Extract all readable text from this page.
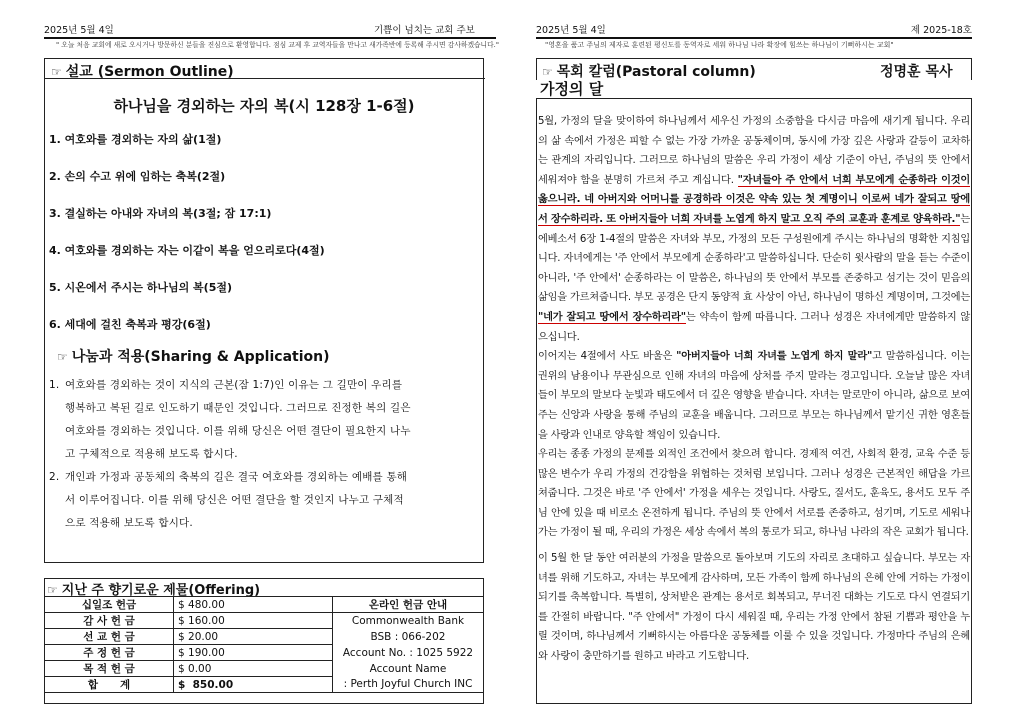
2025년 5월 4일	기쁨이 넘치는 교회 주보
" 오늘 처음 교회에 새로 오시거나 방문하신 분들을 진심으로 환영합니다. 점심 교제 후 교역자들을 만나고 새가족반에 등록해 주시면 감사하겠습니다."
2025년 5월 4일	제 2025-18호
"영혼을 품고 주님의 제자로 훈련된 평신도를 동역자로 세워 하나님 나라 확장에 힘쓰는 하나님이 기뻐하시는 교회"
☞ 설교 (Sermon Outline)
하나님을 경외하는 자의 복(시 128장 1-6절)
1. 여호와를 경외하는 자의 삶(1절)
2. 손의 수고 위에 임하는 축복(2절)
3. 결실하는 아내와 자녀의 복(3절; 잠 17:1)
4. 여호와를 경외하는 자는 이같이 복을 얻으리로다(4절)
5. 시온에서 주시는 하나님의 복(5절)
6. 세대에 걸친 축복과 평강(6절)
☞ 나눔과 적용(Sharing & Application)
1. 여호와를 경외하는 것이 지식의 근본(잠 1:7)인 이유는 그 길만이 우리를
행복하고 복된 길로 인도하기 때문인 것입니다. 그러므로 진정한 복의 길은
여호와를 경외하는 것입니다. 이를 위해 당신은 어떤 결단이 필요한지 나누
고 구체적으로 적용해 보도록 합시다.
2. 개인과 가정과 공동체의 축복의 길은 결국 여호와를 경외하는 예배를 통해
서 이루어집니다. 이를 위해 당신은 어떤 결단을 할 것인지 나누고 구체적
으로 적용해 보도록 합시다.
☞ 지난 주 향기로운 제물(Offering)
십일조 헌금	$ 480.00	온라인 헌금 안내
감 사 헌 금	$ 160.00	Commonwealth Bank
선 교 헌 금	$ 20.00	BSB : 066-202
주 정 헌 금	$ 190.00	Account No. : 1025 5922
목 적 헌 금	$ 0.00	Account Name
합      계	$  850.00	: Perth Joyful Church INC
☞ 목회 칼럼(Pastoral column)	정명훈 목사
가정의 달

5월, 가정의 달을 맞이하여 하나님께서 세우신 가정의 소중함을 다시금 마음에 새기게 됩니다. 우리의 삶 속에서 가정은 피할 수 없는 가장 가까운 공동체이며, 동시에 가장 깊은 사랑과 갈등이 교차하는 관계의 자리입니다. 그러므로 하나님의 말씀은 우리 가정이 세상 기준이 아닌, 주님의 뜻 안에서 세워져야 함을 분명히 가르쳐 주고 계십니다. "자녀들아 주 안에서 너희 부모에게 순종하라 이것이 옳으니라. 네 아버지와 어머니를 공경하라 이것은 약속 있는 첫 계명이니 이로써 네가 잘되고 땅에서 장수하리라. 또 아버지들아 너희 자녀를 노엽게 하지 말고 오직 주의 교훈과 훈계로 양육하라."는 에베소서 6장 1-4절의 말씀은 자녀와 부모, 가정의 모든 구성원에게 주시는 하나님의 명확한 지침입니다. 자녀에게는 '주 안에서 부모에게 순종하라'고 말씀하십니다. 단순히 윗사람의 말을 듣는 수준이 아니라, '주 안에서' 순종하라는 이 말씀은, 하나님의 뜻 안에서 부모를 존중하고 섬기는 것이 믿음의 삶임을 가르쳐줍니다. 부모 공경은 단지 동양적 효 사상이 아닌, 하나님이 명하신 계명이며, 그것에는 "네가 잘되고 땅에서 장수하리라"는 약속이 함께 따릅니다. 그러나 성경은 자녀에게만 말씀하지 않으십니다.

이어지는 4절에서 사도 바울은 "아버지들아 너희 자녀를 노엽게 하지 말라"고 말씀하십니다. 이는 권위의 남용이나 무관심으로 인해 자녀의 마음에 상처를 주지 말라는 경고입니다. 오늘날 많은 자녀들이 부모의 말보다 눈빛과 태도에서 더 깊은 영향을 받습니다. 자녀는 말로만이 아니라, 삶으로 보여주는 신앙과 사랑을 통해 주님의 교훈을 배웁니다. 그러므로 부모는 하나님께서 맡기신 귀한 영혼들을 사랑과 인내로 양육할 책임이 있습니다.

우리는 종종 가정의 문제를 외적인 조건에서 찾으려 합니다. 경제적 여건, 사회적 환경, 교육 수준 등 많은 변수가 우리 가정의 건강함을 위협하는 것처럼 보입니다. 그러나 성경은 근본적인 해답을 가르쳐줍니다. 그것은 바로 '주 안에서' 가정을 세우는 것입니다. 사랑도, 질서도, 훈육도, 용서도 모두 주님 안에 있을 때 비로소 온전하게 됩니다. 주님의 뜻 안에서 서로를 존중하고, 섬기며, 기도로 세워나가는 가정이 될 때, 우리의 가정은 세상 속에서 복의 통로가 되고, 하나님 나라의 작은 교회가 됩니다.

이 5월 한 달 동안 여러분의 가정을 말씀으로 돌아보며 기도의 자리로 초대하고 싶습니다. 부모는 자녀를 위해 기도하고, 자녀는 부모에게 감사하며, 모든 가족이 함께 하나님의 은혜 안에 거하는 가정이 되기를 축복합니다. 특별히, 상처받은 관계는 용서로 회복되고, 무너진 대화는 기도로 다시 연결되기를 간절히 바랍니다. "주 안에서" 가정이 다시 세워질 때, 우리는 가정 안에서 참된 기쁨과 평안을 누릴 것이며, 하나님께서 기뻐하시는 아름다운 공동체를 이룰 수 있을 것입니다. 가정마다 주님의 은혜와 사랑이 충만하기를 원하고 바라고 기도합니다.
